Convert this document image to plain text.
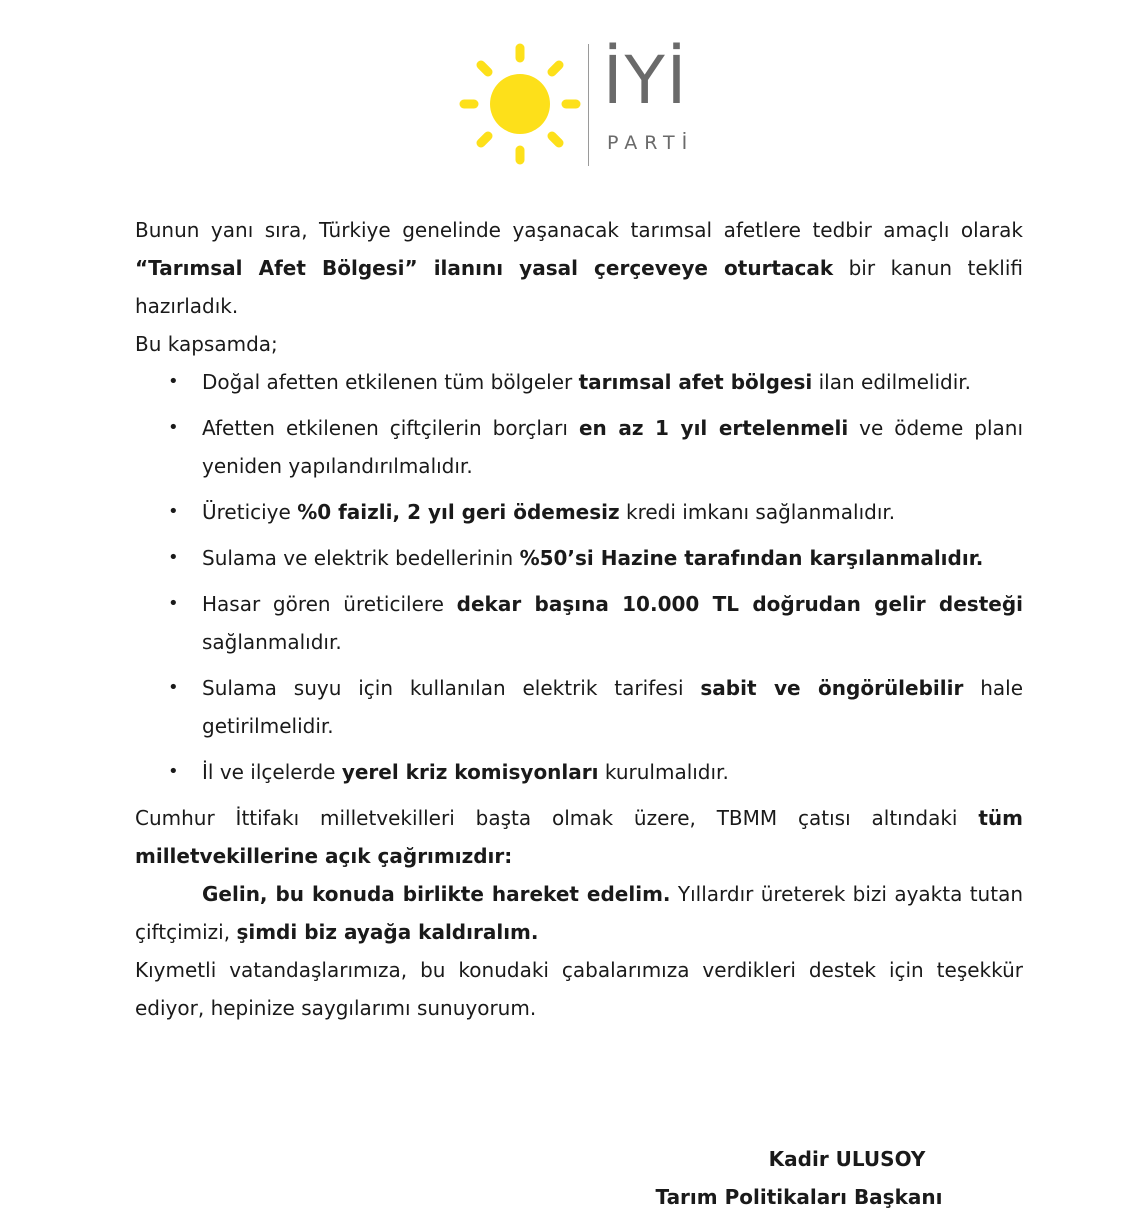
İYİ
PARTİ

Bunun yanı sıra, Türkiye genelinde yaşanacak tarımsal afetlere tedbir amaçlı olarak “Tarımsal Afet Bölgesi” ilanını yasal çerçeveye oturtacak bir kanun teklifi hazırladık.

Bu kapsamda;

• Doğal afetten etkilenen tüm bölgeler tarımsal afet bölgesi ilan edilmelidir.
• Afetten etkilenen çiftçilerin borçları en az 1 yıl ertelenmeli ve ödeme planı yeniden yapılandırılmalıdır.
• Üreticiye %0 faizli, 2 yıl geri ödemesiz kredi imkanı sağlanmalıdır.
• Sulama ve elektrik bedellerinin %50’si Hazine tarafından karşılanmalıdır.
• Hasar gören üreticilere dekar başına 10.000 TL doğrudan gelir desteği sağlanmalıdır.
• Sulama suyu için kullanılan elektrik tarifesi sabit ve öngörülebilir hale getirilmelidir.
• İl ve ilçelerde yerel kriz komisyonları kurulmalıdır.

Cumhur İttifakı milletvekilleri başta olmak üzere, TBMM çatısı altındaki tüm milletvekillerine açık çağrımızdır:

Gelin, bu konuda birlikte hareket edelim. Yıllardır üreterek bizi ayakta tutan çiftçimizi, şimdi biz ayağa kaldıralım.

Kıymetli vatandaşlarımıza, bu konudaki çabalarımıza verdikleri destek için teşekkür ediyor, hepinize saygılarımı sunuyorum.

Kadir ULUSOY
Tarım Politikaları Başkanı
